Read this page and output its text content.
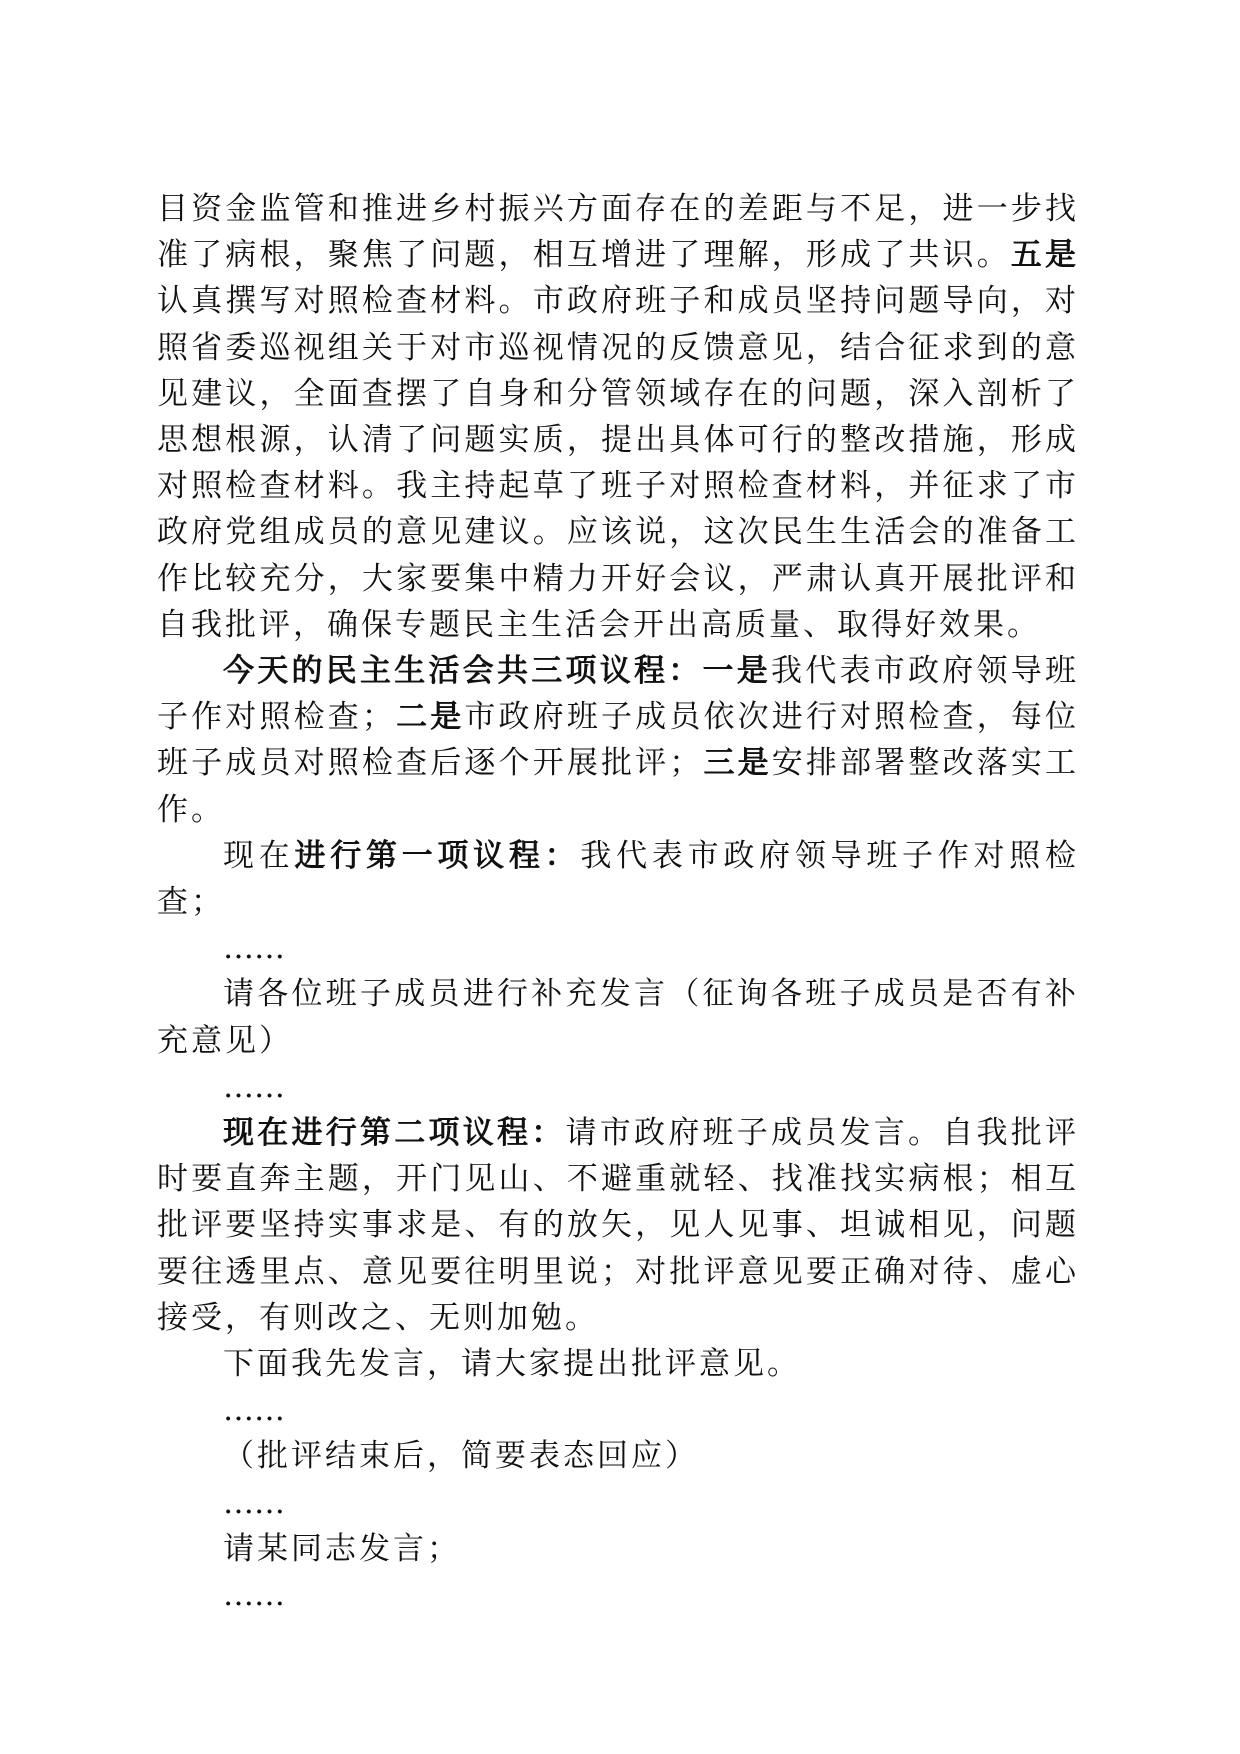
目资金监管和推进乡村振兴方面存在的差距与不足，进一步找准了病根，聚焦了问题，相互增进了理解，形成了共识。五是认真撰写对照检查材料。市政府班子和成员坚持问题导向，对照省委巡视组关于对市巡视情况的反馈意见，结合征求到的意见建议，全面查摆了自身和分管领域存在的问题，深入剖析了思想根源，认清了问题实质，提出具体可行的整改措施，形成对照检查材料。我主持起草了班子对照检查材料，并征求了市政府党组成员的意见建议。应该说，这次民生生活会的准备工作比较充分，大家要集中精力开好会议，严肃认真开展批评和自我批评，确保专题民主生活会开出高质量、取得好效果。

今天的民主生活会共三项议程：一是我代表市政府领导班子作对照检查；二是市政府班子成员依次进行对照检查，每位班子成员对照检查后逐个开展批评；三是安排部署整改落实工作。

现在进行第一项议程：我代表市政府领导班子作对照检查；

……

请各位班子成员进行补充发言（征询各班子成员是否有补充意见）

……

现在进行第二项议程：请市政府班子成员发言。自我批评时要直奔主题，开门见山、不避重就轻、找准找实病根；相互批评要坚持实事求是、有的放矢，见人见事、坦诚相见，问题要往透里点、意见要往明里说；对批评意见要正确对待、虚心接受，有则改之、无则加勉。

下面我先发言，请大家提出批评意见。

……

（批评结束后，简要表态回应）

……

请某同志发言；

……
